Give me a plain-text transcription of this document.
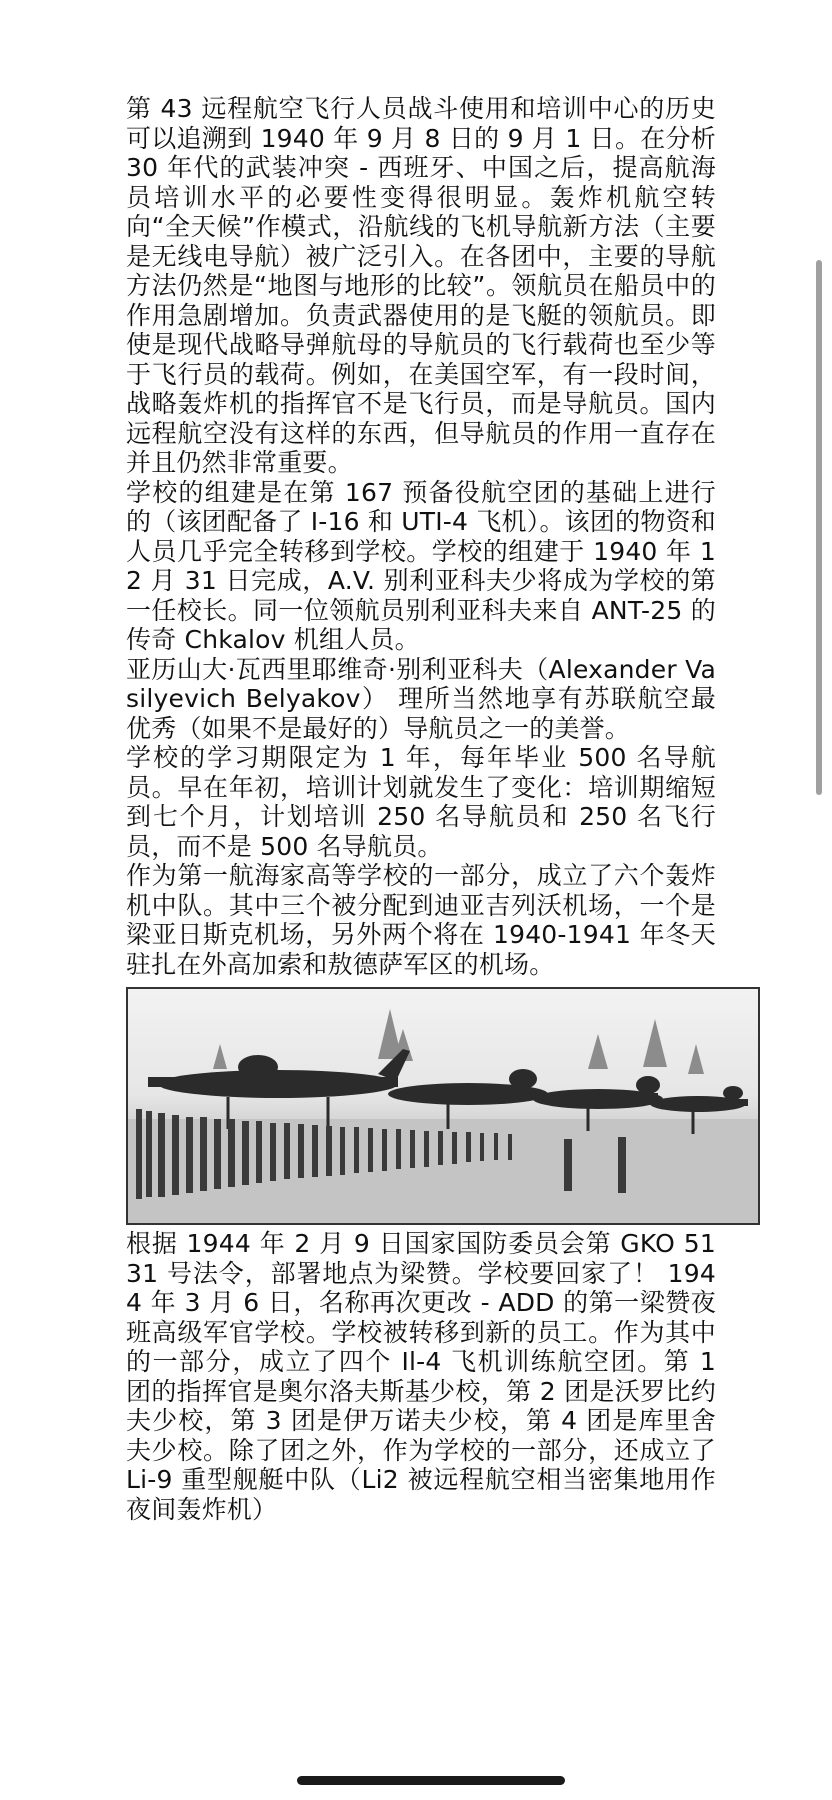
第 43 远程航空飞行人员战斗使用和培训中心的历史可以追溯到 1940 年 9 月 8 日的 9 月 1 日。在分析 30 年代的武装冲突 - 西班牙、中国之后，提高航海员培训水平的必要性变得很明显。轰炸机航空转向“全天候”作模式，沿航线的飞机导航新方法（主要是无线电导航）被广泛引入。在各团中，主要的导航方法仍然是“地图与地形的比较”。领航员在船员中的作用急剧增加。负责武器使用的是飞艇的领航员。即使是现代战略导弹航母的导航员的飞行载荷也至少等于飞行员的载荷。例如，在美国空军，有一段时间，战略轰炸机的指挥官不是飞行员，而是导航员。国内远程航空没有这样的东西，但导航员的作用一直存在并且仍然非常重要。

学校的组建是在第 167 预备役航空团的基础上进行的（该团配备了 I-16 和 UTI-4 飞机）。该团的物资和人员几乎完全转移到学校。学校的组建于 1940 年 12 月 31 日完成，A.V. 别利亚科夫少将成为学校的第一任校长。同一位领航员别利亚科夫来自 ANT-25 的传奇 Chkalov 机组人员。

亚历山大·瓦西里耶维奇·别利亚科夫（Alexander Vasilyevich Belyakov） 理所当然地享有苏联航空最优秀（如果不是最好的）导航员之一的美誉。

学校的学习期限定为 1 年，每年毕业 500 名导航员。早在年初，培训计划就发生了变化：培训期缩短到七个月，计划培训 250 名导航员和 250 名飞行员，而不是 500 名导航员。

作为第一航海家高等学校的一部分，成立了六个轰炸机中队。其中三个被分配到迪亚吉列沃机场，一个是梁亚日斯克机场，另外两个将在 1940-1941 年冬天驻扎在外高加索和敖德萨军区的机场。

根据 1944 年 2 月 9 日国家国防委员会第 GKO 5131 号法令，部署地点为梁赞。学校要回家了！ 1944 年 3 月 6 日，名称再次更改 - ADD 的第一梁赞夜班高级军官学校。学校被转移到新的员工。作为其中的一部分，成立了四个 Il-4 飞机训练航空团。第 1 团的指挥官是奥尔洛夫斯基少校，第 2 团是沃罗比约夫少校，第 3 团是伊万诺夫少校，第 4 团是库里舍夫少校。除了团之外，作为学校的一部分，还成立了 Li-9 重型舰艇中队（Li2 被远程航空相当密集地用作夜间轰炸机）
